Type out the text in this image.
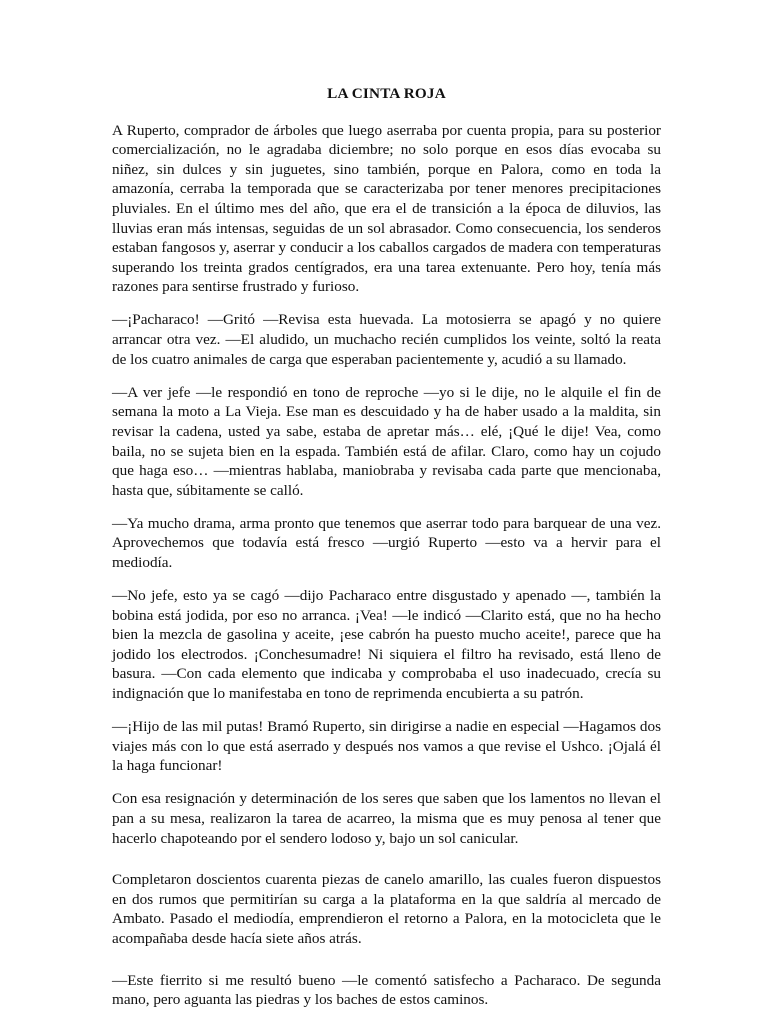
LA CINTA ROJA

A Ruperto, comprador de árboles que luego aserraba por cuenta propia, para su posterior comercialización, no le agradaba diciembre; no solo porque en esos días evocaba su niñez, sin dulces y sin juguetes, sino también, porque en Palora, como en toda la amazonía, cerraba la temporada que se caracterizaba por tener menores precipitaciones pluviales. En el último mes del año, que era el de transición a la época de diluvios, las lluvias eran más intensas, seguidas de un sol abrasador. Como consecuencia, los senderos estaban fangosos y, aserrar y conducir a los caballos cargados de madera con temperaturas superando los treinta grados centígrados, era una tarea extenuante. Pero hoy, tenía más razones para sentirse frustrado y furioso.

—¡Pacharaco! —Gritó —Revisa esta huevada. La motosierra se apagó y no quiere arrancar otra vez. —El aludido, un muchacho recién cumplidos los veinte, soltó la reata de los cuatro animales de carga que esperaban pacientemente y, acudió a su llamado.

—A ver jefe —le respondió en tono de reproche —yo si le dije, no le alquile el fin de semana la moto a La Vieja. Ese man es descuidado y ha de haber usado a la maldita, sin revisar la cadena, usted ya sabe, estaba de apretar más… elé, ¡Qué le dije! Vea, como baila, no se sujeta bien en la espada. También está de afilar. Claro, como hay un cojudo que haga eso… —mientras hablaba, maniobraba y revisaba cada parte que mencionaba, hasta que, súbitamente se calló.

—Ya mucho drama, arma pronto que tenemos que aserrar todo para barquear de una vez. Aprovechemos que todavía está fresco —urgió Ruperto —esto va a hervir para el mediodía.

—No jefe, esto ya se cagó —dijo Pacharaco entre disgustado y apenado —, también la bobina está jodida, por eso no arranca. ¡Vea! —le indicó —Clarito está, que no ha hecho bien la mezcla de gasolina y aceite, ¡ese cabrón ha puesto mucho aceite!, parece que ha jodido los electrodos. ¡Conchesumadre! Ni siquiera el filtro ha revisado, está lleno de basura. —Con cada elemento que indicaba y comprobaba el uso inadecuado, crecía su indignación que lo manifestaba en tono de reprimenda encubierta a su patrón.

—¡Hijo de las mil putas! Bramó Ruperto, sin dirigirse a nadie en especial —Hagamos dos viajes más con lo que está aserrado y después nos vamos a que revise el Ushco. ¡Ojalá él la haga funcionar!

Con esa resignación y determinación de los seres que saben que los lamentos no llevan el pan a su mesa, realizaron la tarea de acarreo, la misma que es muy penosa al tener que hacerlo chapoteando por el sendero lodoso y, bajo un sol canicular.

Completaron doscientos cuarenta piezas de canelo amarillo, las cuales fueron dispuestos en dos rumos que permitirían su carga a la plataforma en la que saldría al mercado de Ambato. Pasado el mediodía, emprendieron el retorno a Palora, en la motocicleta que le acompañaba desde hacía siete años atrás.

—Este fierrito si me resultó bueno —le comentó satisfecho a Pacharaco. De segunda mano, pero aguanta las piedras y los baches de estos caminos.
